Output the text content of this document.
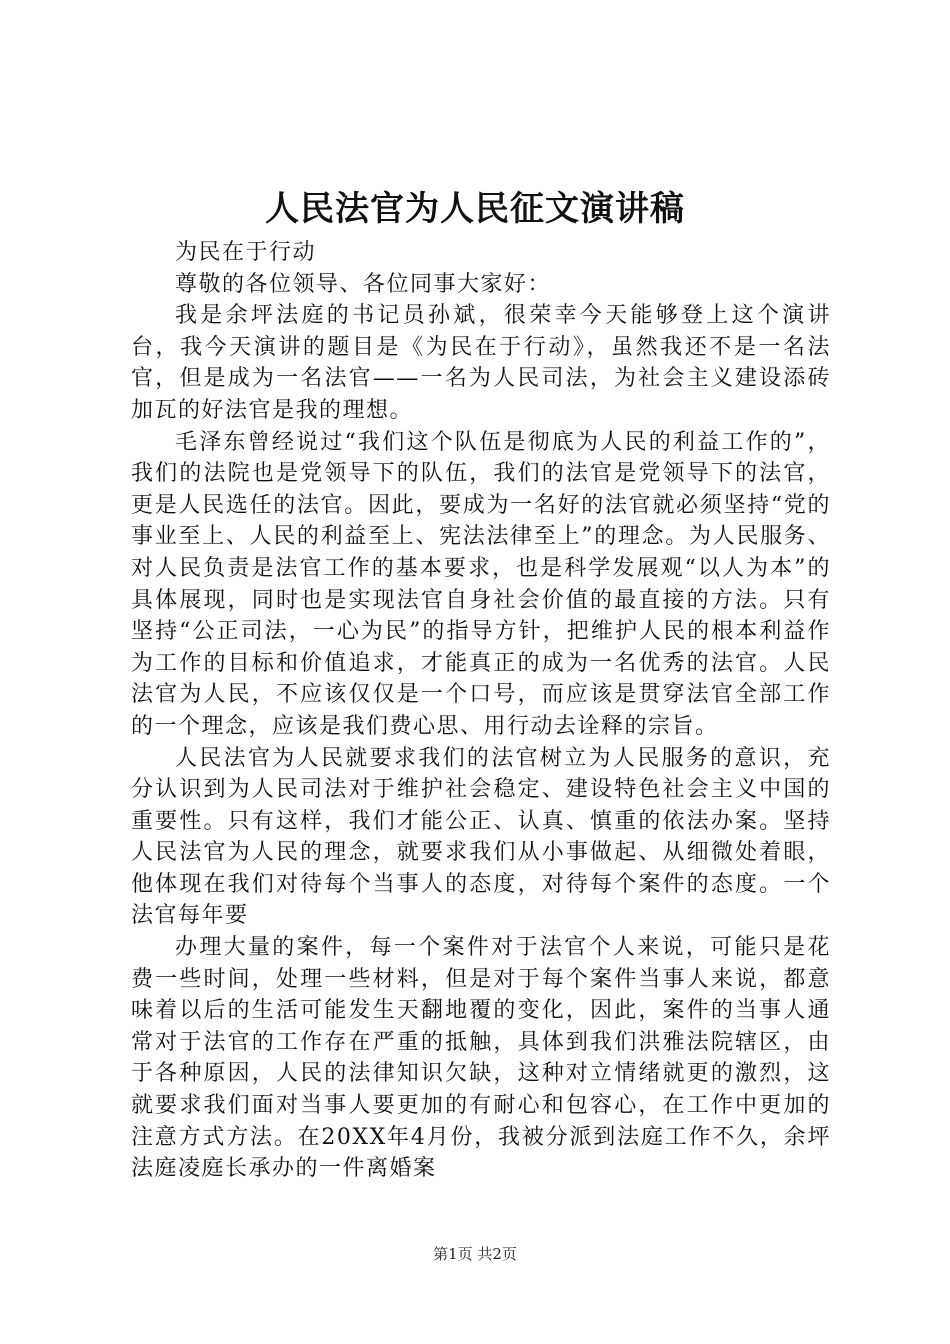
人民法官为人民征文演讲稿

为民在于行动

尊敬的各位领导、各位同事大家好：

我是余坪法庭的书记员孙斌，很荣幸今天能够登上这个演讲台，我今天演讲的题目是《为民在于行动》，虽然我还不是一名法官，但是成为一名法官——一名为人民司法，为社会主义建设添砖加瓦的好法官是我的理想。

毛泽东曾经说过“我们这个队伍是彻底为人民的利益工作的”，我们的法院也是党领导下的队伍，我们的法官是党领导下的法官，更是人民选任的法官。因此，要成为一名好的法官就必须坚持“党的事业至上、人民的利益至上、宪法法律至上”的理念。为人民服务、对人民负责是法官工作的基本要求，也是科学发展观“以人为本”的具体展现，同时也是实现法官自身社会价值的最直接的方法。只有坚持“公正司法，一心为民”的指导方针，把维护人民的根本利益作为工作的目标和价值追求，才能真正的成为一名优秀的法官。人民法官为人民，不应该仅仅是一个口号，而应该是贯穿法官全部工作的一个理念，应该是我们费心思、用行动去诠释的宗旨。

人民法官为人民就要求我们的法官树立为人民服务的意识，充分认识到为人民司法对于维护社会稳定、建设特色社会主义中国的重要性。只有这样，我们才能公正、认真、慎重的依法办案。坚持人民法官为人民的理念，就要求我们从小事做起、从细微处着眼，他体现在我们对待每个当事人的态度，对待每个案件的态度。一个法官每年要

办理大量的案件，每一个案件对于法官个人来说，可能只是花费一些时间，处理一些材料，但是对于每个案件当事人来说，都意味着以后的生活可能发生天翻地覆的变化，因此，案件的当事人通常对于法官的工作存在严重的抵触，具体到我们洪雅法院辖区，由于各种原因，人民的法律知识欠缺，这种对立情绪就更的激烈，这就要求我们面对当事人要更加的有耐心和包容心，在工作中更加的注意方式方法。在20XX年4月份，我被分派到法庭工作不久，余坪法庭凌庭长承办的一件离婚案

第1页 共2页
